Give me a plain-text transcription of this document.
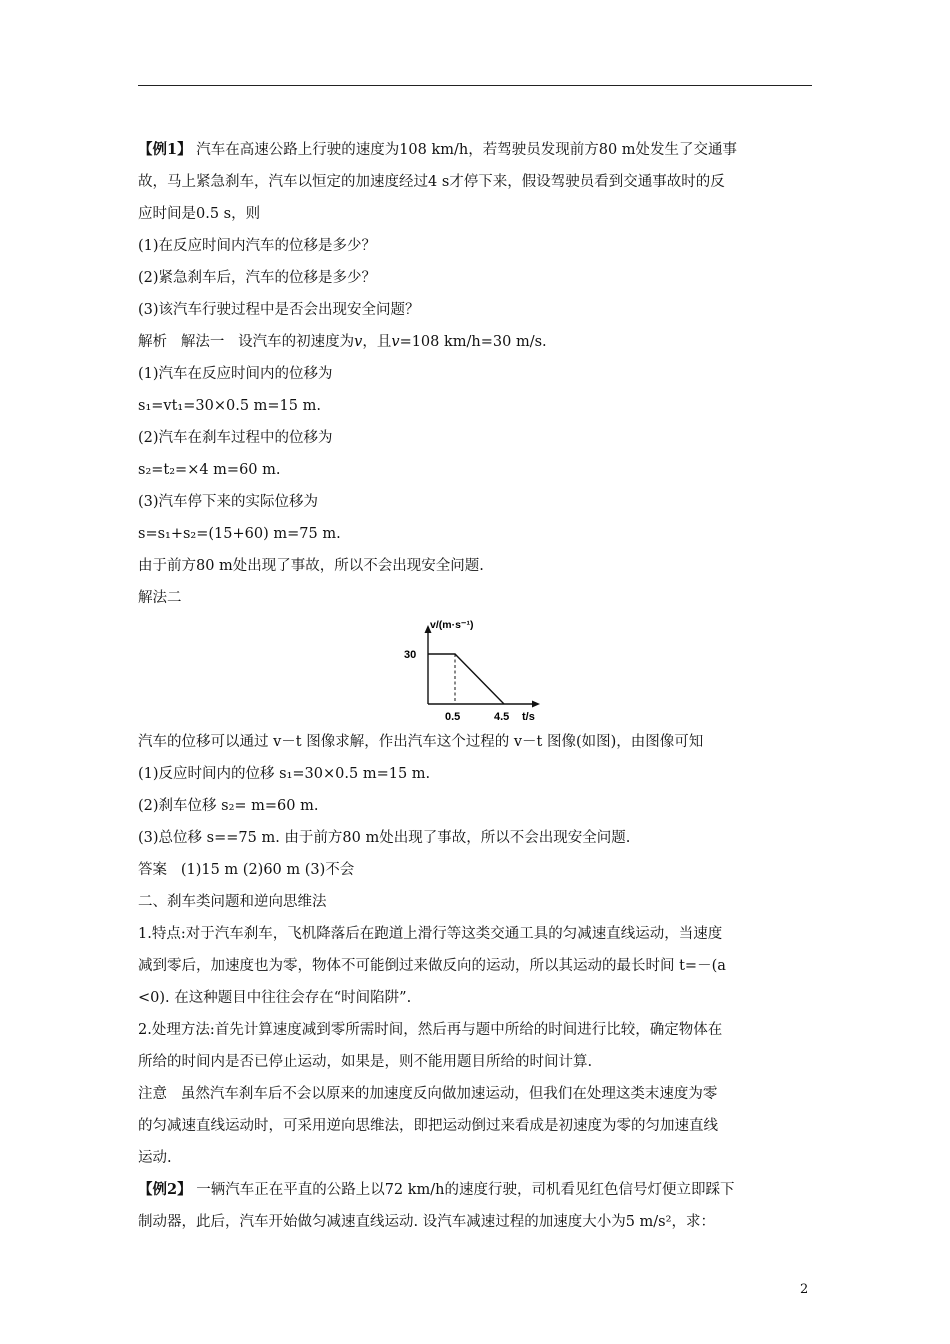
【例1】 汽车在高速公路上行驶的速度为108 km/h，若驾驶员发现前方80 m处发生了交通事
故，马上紧急刹车，汽车以恒定的加速度经过4 s才停下来，假设驾驶员看到交通事故时的反
应时间是0.5 s，则
(1)在反应时间内汽车的位移是多少？
(2)紧急刹车后，汽车的位移是多少？
(3)该汽车行驶过程中是否会出现安全问题？
解析 解法一 设汽车的初速度为v，且v=108 km/h=30 m/s.
(1)汽车在反应时间内的位移为
s₁=vt₁=30×0.5 m=15 m.
(2)汽车在刹车过程中的位移为
s₂=t₂=×4 m=60 m.
(3)汽车停下来的实际位移为
s=s₁+s₂=(15+60) m=75 m.
由于前方80 m处出现了事故，所以不会出现安全问题.
解法二
v/(m·s⁻¹)
30
0.5	4.5 t/s
汽车的位移可以通过 v－t 图像求解，作出汽车这个过程的 v－t 图像(如图)，由图像可知
(1)反应时间内的位移 s₁=30×0.5 m=15 m.
(2)刹车位移 s₂= m=60 m.
(3)总位移 s==75 m. 由于前方80 m处出现了事故，所以不会出现安全问题.
答案 (1)15 m (2)60 m (3)不会
二、刹车类问题和逆向思维法
1.特点:对于汽车刹车，飞机降落后在跑道上滑行等这类交通工具的匀减速直线运动，当速度
减到零后，加速度也为零，物体不可能倒过来做反向的运动，所以其运动的最长时间 t=－(a
<0). 在这种题目中往往会存在“时间陷阱”.
2.处理方法:首先计算速度减到零所需时间，然后再与题中所给的时间进行比较，确定物体在
所给的时间内是否已停止运动，如果是，则不能用题目所给的时间计算.
注意 虽然汽车刹车后不会以原来的加速度反向做加速运动，但我们在处理这类末速度为零
的匀减速直线运动时，可采用逆向思维法，即把运动倒过来看成是初速度为零的匀加速直线
运动.
【例2】 一辆汽车正在平直的公路上以72 km/h的速度行驶，司机看见红色信号灯便立即踩下
制动器，此后，汽车开始做匀减速直线运动. 设汽车减速过程的加速度大小为5 m/s²，求：
2
